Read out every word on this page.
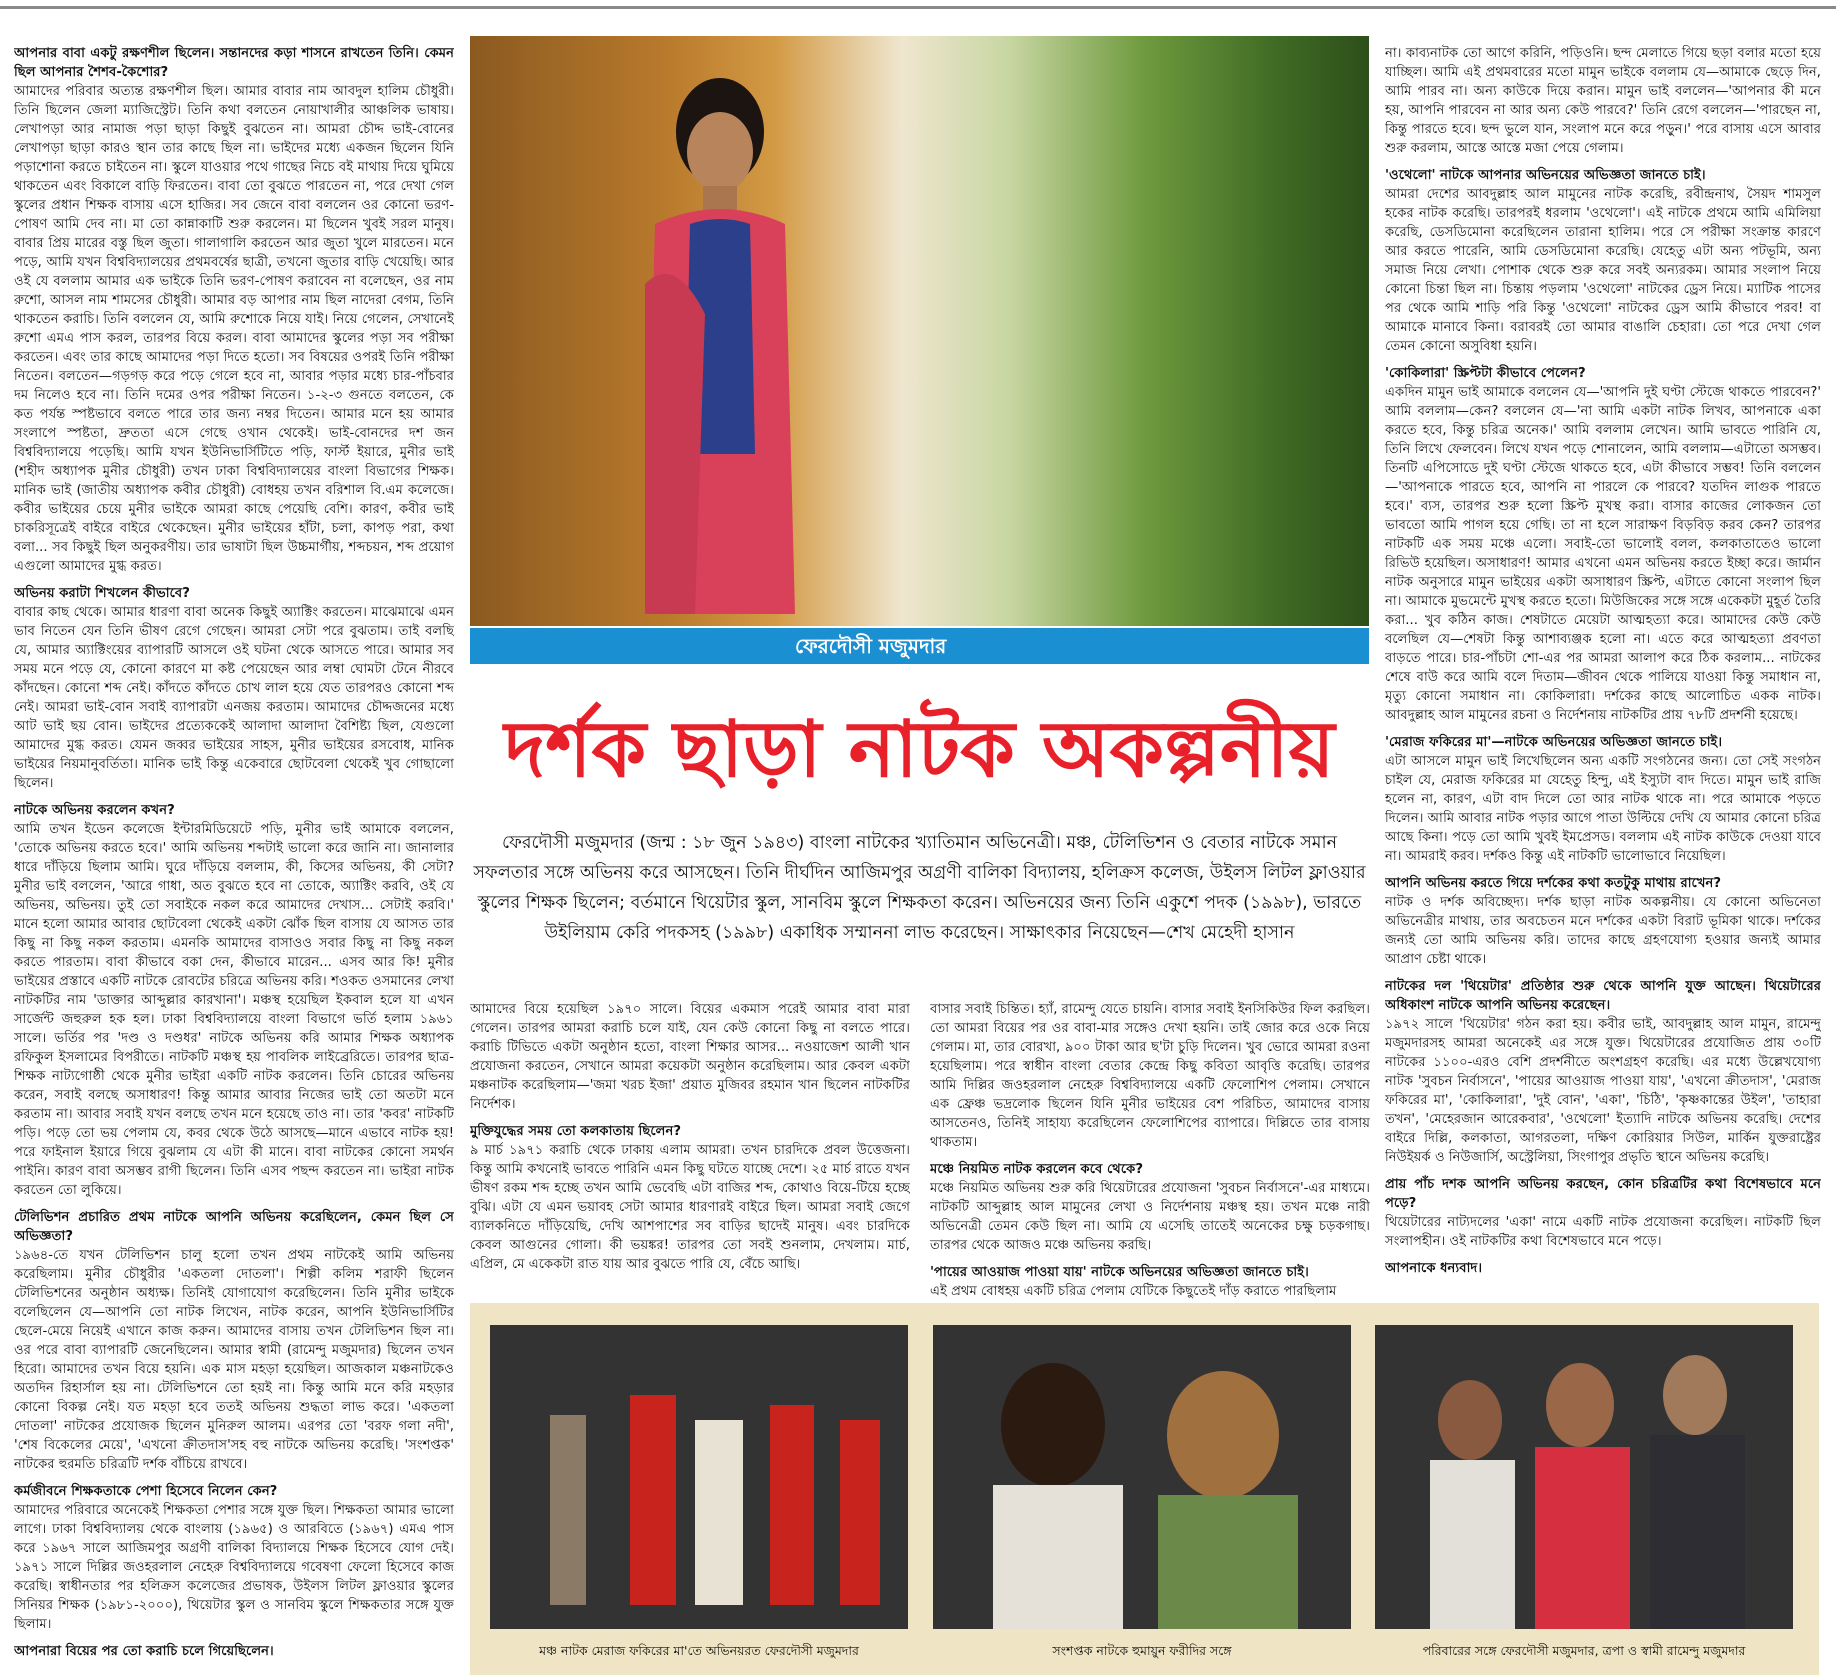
আপনার বাবা একটু রক্ষণশীল ছিলেন। সন্তানদের কড়া শাসনে রাখতেন তিনি। কেমন ছিল আপনার শৈশব-কৈশোর?
আমাদের পরিবার অত্যন্ত রক্ষণশীল ছিল। আমার বাবার নাম আবদুল হালিম চৌধুরী। তিনি ছিলেন জেলা ম্যাজিস্ট্রেট। তিনি কথা বলতেন নোয়াখালীর আঞ্চলিক ভাষায়। লেখাপড়া আর নামাজ পড়া ছাড়া কিছুই বুঝতেন না। আমরা চৌদ্দ ভাই-বোনের লেখাপড়া ছাড়া কারও স্থান তার কাছে ছিল না। ভাইদের মধ্যে একজন ছিলেন যিনি পড়াশোনা করতে চাইতেন না। স্কুলে যাওয়ার পথে গাছের নিচে বই মাথায় দিয়ে ঘুমিয়ে থাকতেন এবং বিকালে বাড়ি ফিরতেন। বাবা তো বুঝতে পারতেন না, পরে দেখা গেল স্কুলের প্রধান শিক্ষক বাসায় এসে হাজির। সব জেনে বাবা বললেন ওর কোনো ভরণ-পোষণ আমি দেব না। মা তো কান্নাকাটি শুরু করলেন। মা ছিলেন খুবই সরল মানুষ। বাবার প্রিয় মারের বস্তু ছিল জুতা। গালাগালি করতেন আর জুতা খুলে মারতেন। মনে পড়ে, আমি যখন বিশ্ববিদ্যালয়ের প্রথমবর্ষের ছাত্রী, তখনো জুতার বাড়ি খেয়েছি। আর ওই যে বললাম আমার এক ভাইকে তিনি ভরণ-পোষণ করাবেন না বলেছেন, ওর নাম রুশো, আসল নাম শামসের চৌধুরী। আমার বড় আপার নাম ছিল নাদেরা বেগম, তিনি থাকতেন করাচি। তিনি বললেন যে, আমি রুশোকে নিয়ে যাই। নিয়ে গেলেন, সেখানেই রুশো এমএ পাস করল, তারপর বিয়ে করল। বাবা আমাদের স্কুলের পড়া সব পরীক্ষা করতেন। এবং তার কাছে আমাদের পড়া দিতে হতো। সব বিষয়ের ওপরই তিনি পরীক্ষা নিতেন। বলতেন—গড়গড় করে পড়ে গেলে হবে না, আবার পড়ার মধ্যে চার-পাঁচবার দম নিলেও হবে না। তিনি দমের ওপর পরীক্ষা নিতেন। ১-২-৩ গুনতে বলতেন, কে কত পর্যন্ত স্পষ্টভাবে বলতে পারে তার জন্য নম্বর দিতেন। আমার মনে হয় আমার সংলাপে স্পষ্টতা, দ্রুততা এসে গেছে ওখান থেকেই। ভাই-বোনদের দশ জন বিশ্ববিদ্যালয়ে পড়েছি। আমি যখন ইউনিভার্সিটিতে পড়ি, ফার্স্ট ইয়ারে, মুনীর ভাই (শহীদ অধ্যাপক মুনীর চৌধুরী) তখন ঢাকা বিশ্ববিদ্যালয়ের বাংলা বিভাগের শিক্ষক। মানিক ভাই (জাতীয় অধ্যাপক কবীর চৌধুরী) বোধহয় তখন বরিশাল বি.এম কলেজে। কবীর ভাইয়ের চেয়ে মুনীর ভাইকে আমরা কাছে পেয়েছি বেশি। কারণ, কবীর ভাই চাকরিসূত্রেই বাইরে বাইরে থেকেছেন। মুনীর ভাইয়ের হাঁটা, চলা, কাপড় পরা, কথা বলা... সব কিছুই ছিল অনুকরণীয়। তার ভাষাটা ছিল উচ্চমার্গীয়, শব্দচয়ন, শব্দ প্রয়োগ এগুলো আমাদের মুগ্ধ করত।
অভিনয় করাটা শিখলেন কীভাবে?
বাবার কাছ থেকে। আমার ধারণা বাবা অনেক কিছুই অ্যাক্টিং করতেন। মাঝেমাঝে এমন ভাব নিতেন যেন তিনি ভীষণ রেগে গেছেন। আমরা সেটা পরে বুঝতাম। তাই বলছি যে, আমার অ্যাক্টিংয়ের ব্যাপারটি আসলে ওই ঘটনা থেকে আসতে পারে। আমার সব সময় মনে পড়ে যে, কোনো কারণে মা কষ্ট পেয়েছেন আর লম্বা ঘোমটা টেনে নীরবে কাঁদছেন। কোনো শব্দ নেই। কাঁদতে কাঁদতে চোখ লাল হয়ে যেত তারপরও কোনো শব্দ নেই। আমরা ভাই-বোন সবাই ব্যাপারটা এনজয় করতাম। আমাদের চৌদ্দজনের মধ্যে আট ভাই ছয় বোন। ভাইদের প্রত্যেককেই আলাদা আলাদা বৈশিষ্ট্য ছিল, যেগুলো আমাদের মুগ্ধ করত। যেমন জব্বর ভাইয়ের সাহস, মুনীর ভাইয়ের রসবোধ, মানিক ভাইয়ের নিয়মানুবর্তিতা। মানিক ভাই কিন্তু একেবারে ছোটবেলা থেকেই খুব গোছালো ছিলেন।
নাটকে অভিনয় করলেন কখন?
আমি তখন ইডেন কলেজে ইন্টারমিডিয়েটে পড়ি, মুনীর ভাই আমাকে বললেন, 'তোকে অভিনয় করতে হবে।' আমি অভিনয় শব্দটাই ভালো করে জানি না। জানালার ধারে দাঁড়িয়ে ছিলাম আমি। ঘুরে দাঁড়িয়ে বললাম, কী, কিসের অভিনয়, কী সেটা? মুনীর ভাই বললেন, 'আরে গাধা, অত বুঝতে হবে না তোকে, অ্যাক্টিং করবি, ওই যে অভিনয়, অভিনয়। তুই তো সবাইকে নকল করে আমাদের দেখাস... সেটাই করবি।' মানে হলো আমার আবার ছোটবেলা থেকেই একটা ঝোঁক ছিল বাসায় যে আসত তার কিছু না কিছু নকল করতাম। এমনকি আমাদের বাসাওও সবার কিছু না কিছু নকল করতে পারতাম। বাবা কীভাবে বকা দেন, কীভাবে মারেন... এসব আর কি! মুনীর ভাইয়ের প্রস্তাবে একটি নাটকে রোবটের চরিত্রে অভিনয় করি। শওকত ওসমানের লেখা নাটকটির নাম 'ডাক্তার আব্দুল্লার কারখানা'। মঞ্চস্থ হয়েছিল ইকবাল হলে যা এখন সার্জেন্ট জহুরুল হক হল। ঢাকা বিশ্ববিদ্যালয়ে বাংলা বিভাগে ভর্তি হলাম ১৯৬১ সালে। ভর্তির পর 'দণ্ড ও দণ্ডধর' নাটকে অভিনয় করি আমার শিক্ষক অধ্যাপক রফিকুল ইসলামের বিপরীতে। নাটকটি মঞ্চস্থ হয় পাবলিক লাইব্রেরিতে। তারপর ছাত্র-শিক্ষক নাট্যগোষ্ঠী থেকে মুনীর ভাইরা একটি নাটক করলেন। তিনি চোরের অভিনয় করেন, সবাই বলছে অসাধারণ! কিন্তু আমার আবার নিজের ভাই তো অতটা মনে করতাম না। আবার সবাই যখন বলছে তখন মনে হয়েছে তাও না। তার 'কবর' নাটকটি পড়ি। পড়ে তো ভয় পেলাম যে, কবর থেকে উঠে আসছে—মানে এভাবে নাটক হয়! পরে ফাইনাল ইয়ারে গিয়ে বুঝলাম যে এটা কী মানে। বাবা নাটকের কোনো সমর্থন পাইনি। কারণ বাবা অসম্ভব রাগী ছিলেন। তিনি এসব পছন্দ করতেন না। ভাইরা নাটক করতেন তো লুকিয়ে।
টেলিভিশন প্রচারিত প্রথম নাটকে আপনি অভিনয় করেছিলেন, কেমন ছিল সে অভিজ্ঞতা?
১৯৬৪-তে যখন টেলিভিশন চালু হলো তখন প্রথম নাটকেই আমি অভিনয় করেছিলাম। মুনীর চৌধুরীর 'একতলা দোতলা'। শিল্পী কলিম শরাফী ছিলেন টেলিভিশনের অনুষ্ঠান অধ্যক্ষ। তিনিই যোগাযোগ করেছিলেন। তিনি মুনীর ভাইকে বলেছিলেন যে—আপনি তো নাটক লিখেন, নাটক করেন, আপনি ইউনিভার্সিটির ছেলে-মেয়ে নিয়েই এখানে কাজ করুন। আমাদের বাসায় তখন টেলিভিশন ছিল না। ওর পরে বাবা ব্যাপারটি জেনেছিলেন। আমার স্বামী (রামেন্দু মজুমদার) ছিলেন তখন হিরো। আমাদের তখন বিয়ে হয়নি। এক মাস মহড়া হয়েছিল। আজকাল মঞ্চনাটকেও অতদিন রিহার্সাল হয় না। টেলিভিশনে তো হয়ই না। কিন্তু আমি মনে করি মহড়ার কোনো বিকল্প নেই। যত মহড়া হবে ততই অভিনয় শুদ্ধতা লাভ করে। 'একতলা দোতলা' নাটকের প্রযোজক ছিলেন মুনিরুল আলম। এরপর তো 'বরফ গলা নদী', 'শেষ বিকেলের মেয়ে', 'এখনো ক্রীতদাস'সহ বহু নাটকে অভিনয় করেছি। 'সংশপ্তক' নাটকের হুরমতি চরিত্রটি দর্শক বাঁচিয়ে রাখবে।
কর্মজীবনে শিক্ষকতাকে পেশা হিসেবে নিলেন কেন?
আমাদের পরিবারে অনেকেই শিক্ষকতা পেশার সঙ্গে যুক্ত ছিল। শিক্ষকতা আমার ভালো লাগে। ঢাকা বিশ্ববিদ্যালয় থেকে বাংলায় (১৯৬৫) ও আরবিতে (১৯৬৭) এমএ পাস করে ১৯৬৭ সালে আজিমপুর অগ্রণী বালিকা বিদ্যালয়ে শিক্ষক হিসেবে যোগ দেই। ১৯৭১ সালে দিল্লির জওহরলাল নেহেরু বিশ্ববিদ্যালয়ে গবেষণা ফেলো হিসেবে কাজ করেছি। স্বাধীনতার পর হলিক্রস কলেজের প্রভাষক, উইলস লিটল ফ্লাওয়ার স্কুলের সিনিয়র শিক্ষক (১৯৮১-২০০০), থিয়েটার স্কুল ও সানবিম স্কুলে শিক্ষকতার সঙ্গে যুক্ত ছিলাম।
আপনারা বিয়ের পর তো করাচি চলে গিয়েছিলেন।
ফেরদৌসী মজুমদার
দর্শক ছাড়া নাটক অকল্পনীয়
ফেরদৌসী মজুমদার (জন্ম : ১৮ জুন ১৯৪৩) বাংলা নাটকের খ্যাতিমান অভিনেত্রী। মঞ্চ, টেলিভিশন ও বেতার নাটকে সমান সফলতার সঙ্গে অভিনয় করে আসছেন। তিনি দীর্ঘদিন আজিমপুর অগ্রণী বালিকা বিদ্যালয়, হলিক্রস কলেজ, উইলস লিটল ফ্লাওয়ার স্কুলের শিক্ষক ছিলেন; বর্তমানে থিয়েটার স্কুল, সানবিম স্কুলে শিক্ষকতা করেন। অভিনয়ের জন্য তিনি একুশে পদক (১৯৯৮), ভারতে উইলিয়াম কেরি পদকসহ (১৯৯৮) একাধিক সম্মাননা লাভ করেছেন। সাক্ষাৎকার নিয়েছেন—শেখ মেহেদী হাসান
আমাদের বিয়ে হয়েছিল ১৯৭০ সালে। বিয়ের একমাস পরেই আমার বাবা মারা গেলেন। তারপর আমরা করাচি চলে যাই, যেন কেউ কোনো কিছু না বলতে পারে। করাচি টিভিতে একটা অনুষ্ঠান হতো, বাংলা শিক্ষার আসর... নওয়াজেশ আলী খান প্রযোজনা করতেন, সেখানে আমরা কয়েকটা অনুষ্ঠান করেছিলাম। আর কেবল একটা মঞ্চনাটক করেছিলাম—'জমা খরচ ইজা' প্রয়াত মুজিবর রহমান খান ছিলেন নাটকটির নির্দেশক।
মুক্তিযুদ্ধের সময় তো কলকাতায় ছিলেন?
৯ মার্চ ১৯৭১ করাচি থেকে ঢাকায় এলাম আমরা। তখন চারদিকে প্রবল উত্তেজনা। কিন্তু আমি কখনোই ভাবতে পারিনি এমন কিছু ঘটতে যাচ্ছে দেশে। ২৫ মার্চ রাতে যখন ভীষণ রকম শব্দ হচ্ছে তখন আমি ভেবেছি এটা বাজির শব্দ, কোথাও বিয়ে-টিয়ে হচ্ছে বুঝি। এটা যে এমন ভয়াবহ সেটা আমার ধারণারই বাইরে ছিল। আমরা সবাই জেগে ব্যালকনিতে দাঁড়িয়েছি, দেখি আশপাশের সব বাড়ির ছাদেই মানুষ। এবং চারদিকে কেবল আগুনের গোলা। কী ভয়ঙ্কর! তারপর তো সবই শুনলাম, দেখলাম। মার্চ, এপ্রিল, মে একেকটা রাত যায় আর বুঝতে পারি যে, বেঁচে আছি।
বাসার সবাই চিন্তিত। হ্যাঁ, রামেন্দু যেতে চায়নি। বাসার সবাই ইনসিকিউর ফিল করছিল। তো আমরা বিয়ের পর ওর বাবা-মার সঙ্গেও দেখা হয়নি। তাই জোর করে ওকে নিয়ে গেলাম। মা, তার বোরখা, ৯০০ টাকা আর ছ'টা চুড়ি দিলেন। খুব ভোরে আমরা রওনা হয়েছিলাম। পরে স্বাধীন বাংলা বেতার কেন্দ্রে কিছু কবিতা আবৃত্তি করেছি। তারপর আমি দিল্লির জওহরলাল নেহেরু বিশ্ববিদ্যালয়ে একটি ফেলোশিপ পেলাম। সেখানে এক ফ্রেঞ্চ ভদ্রলোক ছিলেন যিনি মুনীর ভাইয়ের বেশ পরিচিত, আমাদের বাসায় আসতেনও, তিনিই সাহায্য করেছিলেন ফেলোশিপের ব্যাপারে। দিল্লিতে তার বাসায় থাকতাম।
মঞ্চে নিয়মিত নাটক করলেন কবে থেকে?
মঞ্চে নিয়মিত অভিনয় শুরু করি থিয়েটারের প্রযোজনা 'সুবচন নির্বাসনে'-এর মাধ্যমে। নাটকটি আব্দুল্লাহ আল মামুনের লেখা ও নির্দেশনায় মঞ্চস্থ হয়। তখন মঞ্চে নারী অভিনেত্রী তেমন কেউ ছিল না। আমি যে এসেছি তাতেই অনেকের চক্ষু চড়কগাছ। তারপর থেকে আজও মঞ্চে অভিনয় করছি।
'পায়ের আওয়াজ পাওয়া যায়' নাটকে অভিনয়ের অভিজ্ঞতা জানতে চাই।
এই প্রথম বোধহয় একটি চরিত্র পেলাম যেটিকে কিছুতেই দাঁড় করাতে পারছিলাম
না। কাব্যনাটক তো আগে করিনি, পড়িওনি। ছন্দ মেলাতে গিয়ে ছড়া বলার মতো হয়ে যাচ্ছিল। আমি এই প্রথমবারের মতো মামুন ভাইকে বললাম যে—আমাকে ছেড়ে দিন, আমি পারব না। অন্য কাউকে দিয়ে করান। মামুন ভাই বললেন—'আপনার কী মনে হয়, আপনি পারবেন না আর অন্য কেউ পারবে?' তিনি রেগে বললেন—'পারছেন না, কিন্তু পারতে হবে। ছন্দ ভুলে যান, সংলাপ মনে করে পড়ুন।' পরে বাসায় এসে আবার শুরু করলাম, আস্তে আস্তে মজা পেয়ে গেলাম।
'ওথেলো' নাটকে আপনার অভিনয়ের অভিজ্ঞতা জানতে চাই।
আমরা দেশের আবদুল্লাহ আল মামুনের নাটক করেছি, রবীন্দ্রনাথ, সৈয়দ শামসুল হকের নাটক করেছি। তারপরই ধরলাম 'ওথেলো'। এই নাটকে প্রথমে আমি এমিলিয়া করেছি, ডেসডিমোনা করেছিলেন তারানা হালিম। পরে সে পরীক্ষা সংক্রান্ত কারণে আর করতে পারেনি, আমি ডেসডিমোনা করেছি। যেহেতু এটা অন্য পটভূমি, অন্য সমাজ নিয়ে লেখা। পোশাক থেকে শুরু করে সবই অন্যরকম। আমার সংলাপ নিয়ে কোনো চিন্তা ছিল না। চিন্তায় পড়লাম 'ওথেলো' নাটকের ড্রেস নিয়ে। ম্যাটিক পাসের পর থেকে আমি শাড়ি পরি কিন্তু 'ওথেলো' নাটকের ড্রেস আমি কীভাবে পরব! বা আমাকে মানাবে কিনা। বরাবরই তো আমার বাঙালি চেহারা। তো পরে দেখা গেল তেমন কোনো অসুবিধা হয়নি।
'কোকিলারা' স্ক্রিপ্টটা কীভাবে পেলেন?
একদিন মামুন ভাই আমাকে বললেন যে—'আপনি দুই ঘণ্টা স্টেজে থাকতে পারবেন?' আমি বললাম—কেন? বললেন যে—'না আমি একটা নাটক লিখব, আপনাকে একা করতে হবে, কিন্তু চরিত্র অনেক।' আমি বললাম লেখেন। আমি ভাবতে পারিনি যে, তিনি লিখে ফেলবেন। লিখে যখন পড়ে শোনালেন, আমি বললাম—এটাতো অসম্ভব। তিনটি এপিসোডে দুই ঘণ্টা স্টেজে থাকতে হবে, এটা কীভাবে সম্ভব! তিনি বললেন—'আপনাকে পারতে হবে, আপনি না পারলে কে পারবে? যতদিন লাগুক পারতে হবে।' ব্যস, তারপর শুরু হলো স্ক্রিপ্ট মুখস্থ করা। বাসার কাজের লোকজন তো ভাবতো আমি পাগল হয়ে গেছি। তা না হলে সারাক্ষণ বিড়বিড় করব কেন? তারপর নাটকটি এক সময় মঞ্চে এলো। সবাই-তো ভালোই বলল, কলকাতাতেও ভালো রিভিউ হয়েছিল। অসাধারণ! আমার এখনো এমন অভিনয় করতে ইচ্ছা করে। জার্মান নাটক অনুসারে মামুন ভাইয়ের একটা অসাধারণ স্ক্রিপ্ট, এটাতে কোনো সংলাপ ছিল না। আমাকে মুভমেন্টে মুখস্থ করতে হতো। মিউজিকের সঙ্গে সঙ্গে একেকটা মুহূর্ত তৈরি করা... খুব কঠিন কাজ। শেষটাতে মেয়েটা আত্মহত্যা করে। আমাদের কেউ কেউ বলেছিল যে—শেষটা কিন্তু আশাব্যঞ্জক হলো না। এতে করে আত্মহত্যা প্রবণতা বাড়তে পারে। চার-পাঁচটা শো-এর পর আমরা আলাপ করে ঠিক করলাম... নাটকের শেষে বাউ করে আমি বলে দিতাম—জীবন থেকে পালিয়ে যাওয়া কিন্তু সমাধান না, মৃত্যু কোনো সমাধান না। কোকিলারা। দর্শকের কাছে আলোচিত একক নাটক। আবদুল্লাহ আল মামুনের রচনা ও নির্দেশনায় নাটকটির প্রায় ৭৮টি প্রদর্শনী হয়েছে।
'মেরাজ ফকিরের মা'—নাটকে অভিনয়ের অভিজ্ঞতা জানতে চাই।
এটা আসলে মামুন ভাই লিখেছিলেন অন্য একটি সংগঠনের জন্য। তো সেই সংগঠন চাইল যে, মেরাজ ফকিরের মা যেহেতু হিন্দু, এই ইস্যুটা বাদ দিতে। মামুন ভাই রাজি হলেন না, কারণ, এটা বাদ দিলে তো আর নাটক থাকে না। পরে আমাকে পড়তে দিলেন। আমি আবার নাটক পড়ার আগে পাতা উল্টিয়ে দেখি যে আমার কোনো চরিত্র আছে কিনা। পড়ে তো আমি খুবই ইমপ্রেসড। বললাম এই নাটক কাউকে দেওয়া যাবে না। আমরাই করব। দর্শকও কিন্তু এই নাটকটি ভালোভাবে নিয়েছিল।
আপনি অভিনয় করতে গিয়ে দর্শকের কথা কতটুকু মাথায় রাখেন?
নাটক ও দর্শক অবিচ্ছেদ্য। দর্শক ছাড়া নাটক অকল্পনীয়। যে কোনো অভিনেতা অভিনেত্রীর মাথায়, তার অবচেতন মনে দর্শকের একটা বিরাট ভূমিকা থাকে। দর্শকের জন্যই তো আমি অভিনয় করি। তাদের কাছে গ্রহণযোগ্য হওয়ার জন্যই আমার আপ্রাণ চেষ্টা থাকে।
নাটকের দল 'থিয়েটার' প্রতিষ্ঠার শুরু থেকে আপনি যুক্ত আছেন। থিয়েটারের অধিকাংশ নাটকে আপনি অভিনয় করেছেন।
১৯৭২ সালে 'থিয়েটার' গঠন করা হয়। কবীর ভাই, আবদুল্লাহ আল মামুন, রামেন্দু মজুমদারসহ আমরা অনেকেই এর সঙ্গে যুক্ত। থিয়েটারের প্রযোজিত প্রায় ৩০টি নাটকের ১১০০-এরও বেশি প্রদর্শনীতে অংশগ্রহণ করেছি। এর মধ্যে উল্লেখযোগ্য নাটক 'সুবচন নির্বাসনে', 'পায়ের আওয়াজ পাওয়া যায়', 'এখনো ক্রীতদাস', 'মেরাজ ফকিরের মা', 'কোকিলারা', 'দুই বোন', 'একা', 'চিঠি', 'কৃষ্ণকান্তের উইল', 'তাহারা তখন', 'মেহেরজান আরেকবার', 'ওথেলো' ইত্যাদি নাটকে অভিনয় করেছি। দেশের বাইরে দিল্লি, কলকাতা, আগরতলা, দক্ষিণ কোরিয়ার সিউল, মার্কিন যুক্তরাষ্ট্রের নিউইয়র্ক ও নিউজার্সি, অস্ট্রেলিয়া, সিংগাপুর প্রভৃতি স্থানে অভিনয় করেছি।
প্রায় পাঁচ দশক আপনি অভিনয় করছেন, কোন চরিত্রটির কথা বিশেষভাবে মনে পড়ে?
থিয়েটারের নাট্যদলের 'একা' নামে একটি নাটক প্রযোজনা করেছিল। নাটকটি ছিল সংলাপহীন। ওই নাটকটির কথা বিশেষভাবে মনে পড়ে।
আপনাকে ধন্যবাদ।
মঞ্চ নাটক মেরাজ ফকিরের মা'তে অভিনয়রত ফেরদৌসী মজুমদার	সংশপ্তক নাটকে হুমায়ুন ফরীদির সঙ্গে	পরিবারের সঙ্গে ফেরদৌসী মজুমদার, ত্রপা ও স্বামী রামেন্দু মজুমদার
